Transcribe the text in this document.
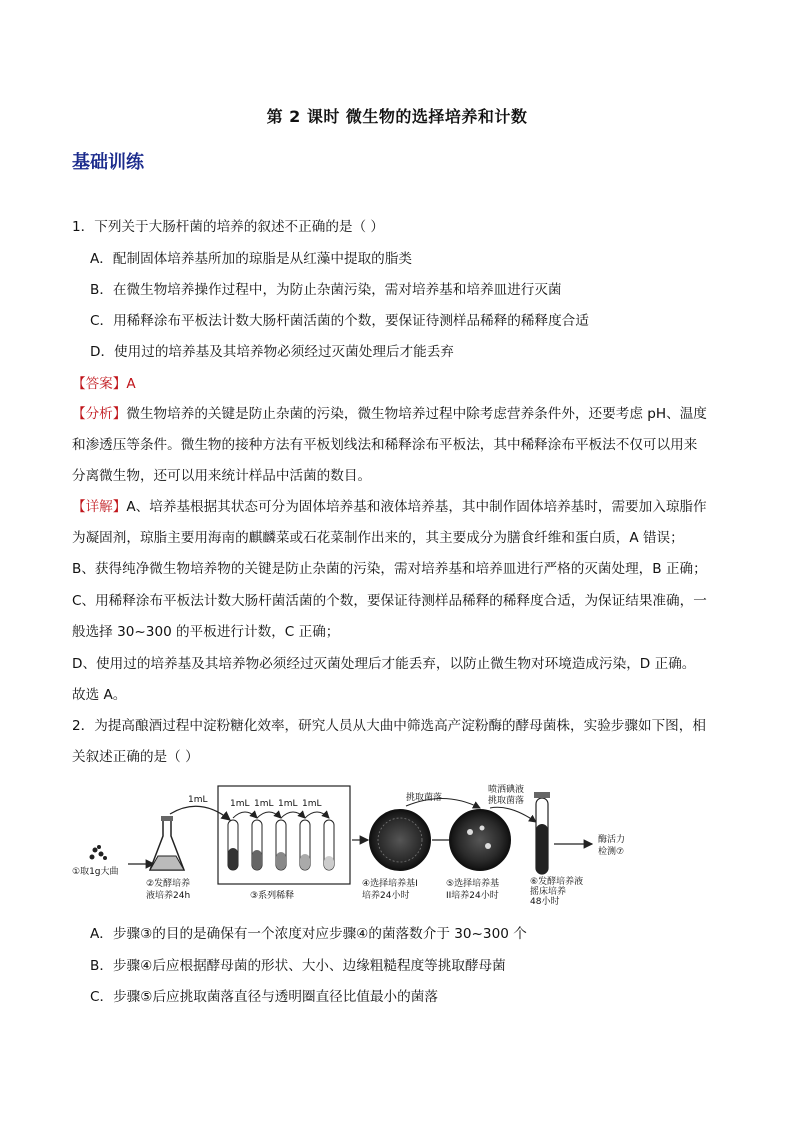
第 2 课时 微生物的选择培养和计数
基础训练
1．下列关于大肠杆菌的培养的叙述不正确的是（ ）
A．配制固体培养基所加的琼脂是从红藻中提取的脂类
B．在微生物培养操作过程中，为防止杂菌污染，需对培养基和培养皿进行灭菌
C．用稀释涂布平板法计数大肠杆菌活菌的个数，要保证待测样品稀释的稀释度合适
D．使用过的培养基及其培养物必须经过灭菌处理后才能丢弃
【答案】A
【分析】微生物培养的关键是防止杂菌的污染，微生物培养过程中除考虑营养条件外，还要考虑 pH、温度
和渗透压等条件。微生物的接种方法有平板划线法和稀释涂布平板法，其中稀释涂布平板法不仅可以用来
分离微生物，还可以用来统计样品中活菌的数目。
【详解】A、培养基根据其状态可分为固体培养基和液体培养基，其中制作固体培养基时，需要加入琼脂作
为凝固剂，琼脂主要用海南的麒麟菜或石花菜制作出来的，其主要成分为膳食纤维和蛋白质，A 错误；
B、获得纯净微生物培养物的关键是防止杂菌的污染，需对培养基和培养皿进行严格的灭菌处理，B 正确；
C、用稀释涂布平板法计数大肠杆菌活菌的个数，要保证待测样品稀释的稀释度合适，为保证结果准确，一
般选择 30~300 的平板进行计数，C 正确；
D、使用过的培养基及其培养物必须经过灭菌处理后才能丢弃，以防止微生物对环境造成污染，D 正确。
故选 A。
2．为提高酿酒过程中淀粉糖化效率，研究人员从大曲中筛选高产淀粉酶的酵母菌株，实验步骤如下图，相
关叙述正确的是（ ）
①取1g大曲
②发酵培养
液培养24h
1mL 1mL 1mL 1mL 1mL
③系列稀释
④选择培养基I
培养24小时
挑取菌落
⑤选择培养基
II培养24小时
喷洒碘液
挑取菌落
⑥发酵培养液
摇床培养
48小时
酶活力
检测⑦
A．步骤③的目的是确保有一个浓度对应步骤④的菌落数介于 30~300 个
B．步骤④后应根据酵母菌的形状、大小、边缘粗糙程度等挑取酵母菌
C．步骤⑤后应挑取菌落直径与透明圈直径比值最小的菌落
